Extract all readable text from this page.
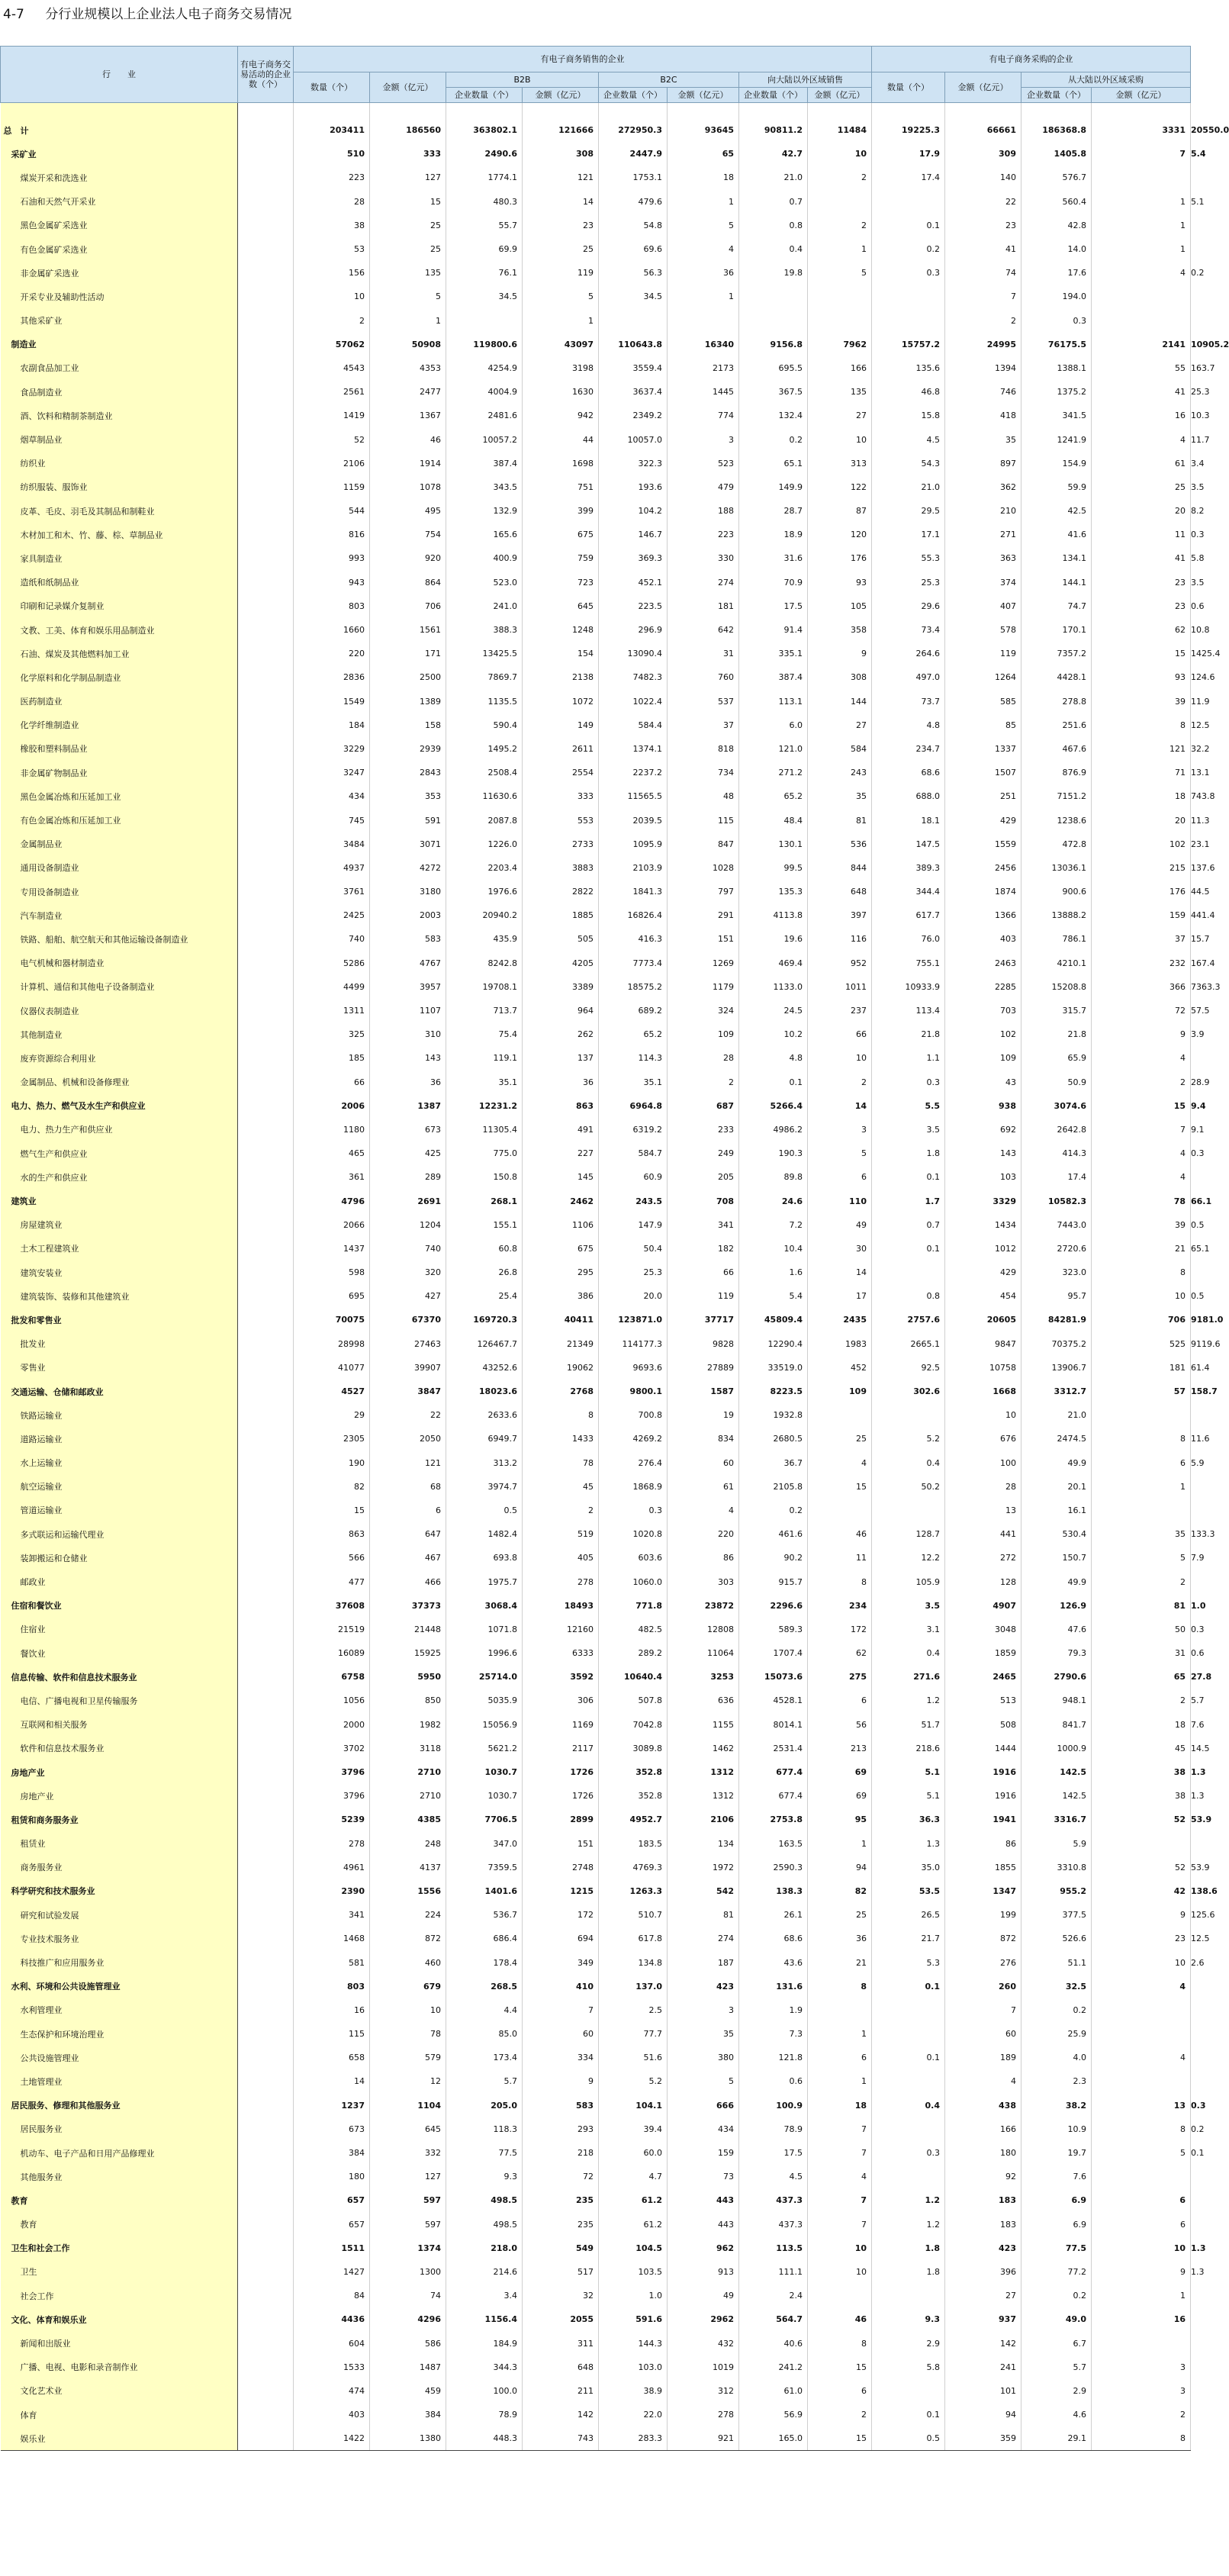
4-7 分行业规模以上企业法人电子商务交易情况
行　　业	有电子商务交易活动的企业数（个）	有电子商务销售的企业								有电子商务采购的企业				

		数量（个）	金额（亿元）	B2B		B2C		向大陆以外区域销售		数量（个）	金额（亿元）	从大陆以外区域采购		
				企业数量（个）	金额（亿元）	企业数量（个）	金额（亿元）	企业数量（个）	金额（亿元）			企业数量（个）	金额（亿元）	
总　计		203411	186560	363802.1	121666	272950.3	93645	90811.2	11484	19225.3	66661	186368.8	3331	20550.0
采矿业		510	333	2490.6	308	2447.9	65	42.7	10	17.9	309	1405.8	7	5.4
煤炭开采和洗选业		223	127	1774.1	121	1753.1	18	21.0	2	17.4	140	576.7		
石油和天然气开采业		28	15	480.3	14	479.6	1	0.7			22	560.4	1	5.1
黑色金属矿采选业		38	25	55.7	23	54.8	5	0.8	2	0.1	23	42.8	1	
有色金属矿采选业		53	25	69.9	25	69.6	4	0.4	1	0.2	41	14.0	1	
非金属矿采选业		156	135	76.1	119	56.3	36	19.8	5	0.3	74	17.6	4	0.2
开采专业及辅助性活动		10	5	34.5	5	34.5	1				7	194.0		
其他采矿业		2	1		1						2	0.3		
制造业		57062	50908	119800.6	43097	110643.8	16340	9156.8	7962	15757.2	24995	76175.5	2141	10905.2
农副食品加工业		4543	4353	4254.9	3198	3559.4	2173	695.5	166	135.6	1394	1388.1	55	163.7
食品制造业		2561	2477	4004.9	1630	3637.4	1445	367.5	135	46.8	746	1375.2	41	25.3
酒、饮料和精制茶制造业		1419	1367	2481.6	942	2349.2	774	132.4	27	15.8	418	341.5	16	10.3
烟草制品业		52	46	10057.2	44	10057.0	3	0.2	10	4.5	35	1241.9	4	11.7
纺织业		2106	1914	387.4	1698	322.3	523	65.1	313	54.3	897	154.9	61	3.4
纺织服装、服饰业		1159	1078	343.5	751	193.6	479	149.9	122	21.0	362	59.9	25	3.5
皮革、毛皮、羽毛及其制品和制鞋业		544	495	132.9	399	104.2	188	28.7	87	29.5	210	42.5	20	8.2
木材加工和木、竹、藤、棕、草制品业		816	754	165.6	675	146.7	223	18.9	120	17.1	271	41.6	11	0.3
家具制造业		993	920	400.9	759	369.3	330	31.6	176	55.3	363	134.1	41	5.8
造纸和纸制品业		943	864	523.0	723	452.1	274	70.9	93	25.3	374	144.1	23	3.5
印刷和记录媒介复制业		803	706	241.0	645	223.5	181	17.5	105	29.6	407	74.7	23	0.6
文教、工美、体育和娱乐用品制造业		1660	1561	388.3	1248	296.9	642	91.4	358	73.4	578	170.1	62	10.8
石油、煤炭及其他燃料加工业		220	171	13425.5	154	13090.4	31	335.1	9	264.6	119	7357.2	15	1425.4
化学原料和化学制品制造业		2836	2500	7869.7	2138	7482.3	760	387.4	308	497.0	1264	4428.1	93	124.6
医药制造业		1549	1389	1135.5	1072	1022.4	537	113.1	144	73.7	585	278.8	39	11.9
化学纤维制造业		184	158	590.4	149	584.4	37	6.0	27	4.8	85	251.6	8	12.5
橡胶和塑料制品业		3229	2939	1495.2	2611	1374.1	818	121.0	584	234.7	1337	467.6	121	32.2
非金属矿物制品业		3247	2843	2508.4	2554	2237.2	734	271.2	243	68.6	1507	876.9	71	13.1
黑色金属冶炼和压延加工业		434	353	11630.6	333	11565.5	48	65.2	35	688.0	251	7151.2	18	743.8
有色金属冶炼和压延加工业		745	591	2087.8	553	2039.5	115	48.4	81	18.1	429	1238.6	20	11.3
金属制品业		3484	3071	1226.0	2733	1095.9	847	130.1	536	147.5	1559	472.8	102	23.1
通用设备制造业		4937	4272	2203.4	3883	2103.9	1028	99.5	844	389.3	2456	13036.1	215	137.6
专用设备制造业		3761	3180	1976.6	2822	1841.3	797	135.3	648	344.4	1874	900.6	176	44.5
汽车制造业		2425	2003	20940.2	1885	16826.4	291	4113.8	397	617.7	1366	13888.2	159	441.4
铁路、船舶、航空航天和其他运输设备制造业		740	583	435.9	505	416.3	151	19.6	116	76.0	403	786.1	37	15.7
电气机械和器材制造业		5286	4767	8242.8	4205	7773.4	1269	469.4	952	755.1	2463	4210.1	232	167.4
计算机、通信和其他电子设备制造业		4499	3957	19708.1	3389	18575.2	1179	1133.0	1011	10933.9	2285	15208.8	366	7363.3
仪器仪表制造业		1311	1107	713.7	964	689.2	324	24.5	237	113.4	703	315.7	72	57.5
其他制造业		325	310	75.4	262	65.2	109	10.2	66	21.8	102	21.8	9	3.9
废弃资源综合利用业		185	143	119.1	137	114.3	28	4.8	10	1.1	109	65.9	4	
金属制品、机械和设备修理业		66	36	35.1	36	35.1	2	0.1	2	0.3	43	50.9	2	28.9
电力、热力、燃气及水生产和供应业		2006	1387	12231.2	863	6964.8	687	5266.4	14	5.5	938	3074.6	15	9.4
电力、热力生产和供应业		1180	673	11305.4	491	6319.2	233	4986.2	3	3.5	692	2642.8	7	9.1
燃气生产和供应业		465	425	775.0	227	584.7	249	190.3	5	1.8	143	414.3	4	0.3
水的生产和供应业		361	289	150.8	145	60.9	205	89.8	6	0.1	103	17.4	4	
建筑业		4796	2691	268.1	2462	243.5	708	24.6	110	1.7	3329	10582.3	78	66.1
房屋建筑业		2066	1204	155.1	1106	147.9	341	7.2	49	0.7	1434	7443.0	39	0.5
土木工程建筑业		1437	740	60.8	675	50.4	182	10.4	30	0.1	1012	2720.6	21	65.1
建筑安装业		598	320	26.8	295	25.3	66	1.6	14		429	323.0	8	
建筑装饰、装修和其他建筑业		695	427	25.4	386	20.0	119	5.4	17	0.8	454	95.7	10	0.5
批发和零售业		70075	67370	169720.3	40411	123871.0	37717	45809.4	2435	2757.6	20605	84281.9	706	9181.0
批发业		28998	27463	126467.7	21349	114177.3	9828	12290.4	1983	2665.1	9847	70375.2	525	9119.6
零售业		41077	39907	43252.6	19062	9693.6	27889	33519.0	452	92.5	10758	13906.7	181	61.4
交通运输、仓储和邮政业		4527	3847	18023.6	2768	9800.1	1587	8223.5	109	302.6	1668	3312.7	57	158.7
铁路运输业		29	22	2633.6	8	700.8	19	1932.8			10	21.0		
道路运输业		2305	2050	6949.7	1433	4269.2	834	2680.5	25	5.2	676	2474.5	8	11.6
水上运输业		190	121	313.2	78	276.4	60	36.7	4	0.4	100	49.9	6	5.9
航空运输业		82	68	3974.7	45	1868.9	61	2105.8	15	50.2	28	20.1	1	
管道运输业		15	6	0.5	2	0.3	4	0.2			13	16.1		
多式联运和运输代理业		863	647	1482.4	519	1020.8	220	461.6	46	128.7	441	530.4	35	133.3
装卸搬运和仓储业		566	467	693.8	405	603.6	86	90.2	11	12.2	272	150.7	5	7.9
邮政业		477	466	1975.7	278	1060.0	303	915.7	8	105.9	128	49.9	2	
住宿和餐饮业		37608	37373	3068.4	18493	771.8	23872	2296.6	234	3.5	4907	126.9	81	1.0
住宿业		21519	21448	1071.8	12160	482.5	12808	589.3	172	3.1	3048	47.6	50	0.3
餐饮业		16089	15925	1996.6	6333	289.2	11064	1707.4	62	0.4	1859	79.3	31	0.6
信息传输、软件和信息技术服务业		6758	5950	25714.0	3592	10640.4	3253	15073.6	275	271.6	2465	2790.6	65	27.8
电信、广播电视和卫星传输服务		1056	850	5035.9	306	507.8	636	4528.1	6	1.2	513	948.1	2	5.7
互联网和相关服务		2000	1982	15056.9	1169	7042.8	1155	8014.1	56	51.7	508	841.7	18	7.6
软件和信息技术服务业		3702	3118	5621.2	2117	3089.8	1462	2531.4	213	218.6	1444	1000.9	45	14.5
房地产业		3796	2710	1030.7	1726	352.8	1312	677.4	69	5.1	1916	142.5	38	1.3
房地产业		3796	2710	1030.7	1726	352.8	1312	677.4	69	5.1	1916	142.5	38	1.3
租赁和商务服务业		5239	4385	7706.5	2899	4952.7	2106	2753.8	95	36.3	1941	3316.7	52	53.9
租赁业		278	248	347.0	151	183.5	134	163.5	1	1.3	86	5.9		
商务服务业		4961	4137	7359.5	2748	4769.3	1972	2590.3	94	35.0	1855	3310.8	52	53.9
科学研究和技术服务业		2390	1556	1401.6	1215	1263.3	542	138.3	82	53.5	1347	955.2	42	138.6
研究和试验发展		341	224	536.7	172	510.7	81	26.1	25	26.5	199	377.5	9	125.6
专业技术服务业		1468	872	686.4	694	617.8	274	68.6	36	21.7	872	526.6	23	12.5
科技推广和应用服务业		581	460	178.4	349	134.8	187	43.6	21	5.3	276	51.1	10	2.6
水利、环境和公共设施管理业		803	679	268.5	410	137.0	423	131.6	8	0.1	260	32.5	4	
水利管理业		16	10	4.4	7	2.5	3	1.9			7	0.2		
生态保护和环境治理业		115	78	85.0	60	77.7	35	7.3	1		60	25.9		
公共设施管理业		658	579	173.4	334	51.6	380	121.8	6	0.1	189	4.0	4	
土地管理业		14	12	5.7	9	5.2	5	0.6	1		4	2.3		
居民服务、修理和其他服务业		1237	1104	205.0	583	104.1	666	100.9	18	0.4	438	38.2	13	0.3
居民服务业		673	645	118.3	293	39.4	434	78.9	7		166	10.9	8	0.2
机动车、电子产品和日用产品修理业		384	332	77.5	218	60.0	159	17.5	7	0.3	180	19.7	5	0.1
其他服务业		180	127	9.3	72	4.7	73	4.5	4		92	7.6		
教育		657	597	498.5	235	61.2	443	437.3	7	1.2	183	6.9	6	
教育		657	597	498.5	235	61.2	443	437.3	7	1.2	183	6.9	6	
卫生和社会工作		1511	1374	218.0	549	104.5	962	113.5	10	1.8	423	77.5	10	1.3
卫生		1427	1300	214.6	517	103.5	913	111.1	10	1.8	396	77.2	9	1.3
社会工作		84	74	3.4	32	1.0	49	2.4			27	0.2	1	
文化、体育和娱乐业		4436	4296	1156.4	2055	591.6	2962	564.7	46	9.3	937	49.0	16	
新闻和出版业		604	586	184.9	311	144.3	432	40.6	8	2.9	142	6.7		
广播、电视、电影和录音制作业		1533	1487	344.3	648	103.0	1019	241.2	15	5.8	241	5.7	3	
文化艺术业		474	459	100.0	211	38.9	312	61.0	6		101	2.9	3	
体育		403	384	78.9	142	22.0	278	56.9	2	0.1	94	4.6	2	
娱乐业		1422	1380	448.3	743	283.3	921	165.0	15	0.5	359	29.1	8	
